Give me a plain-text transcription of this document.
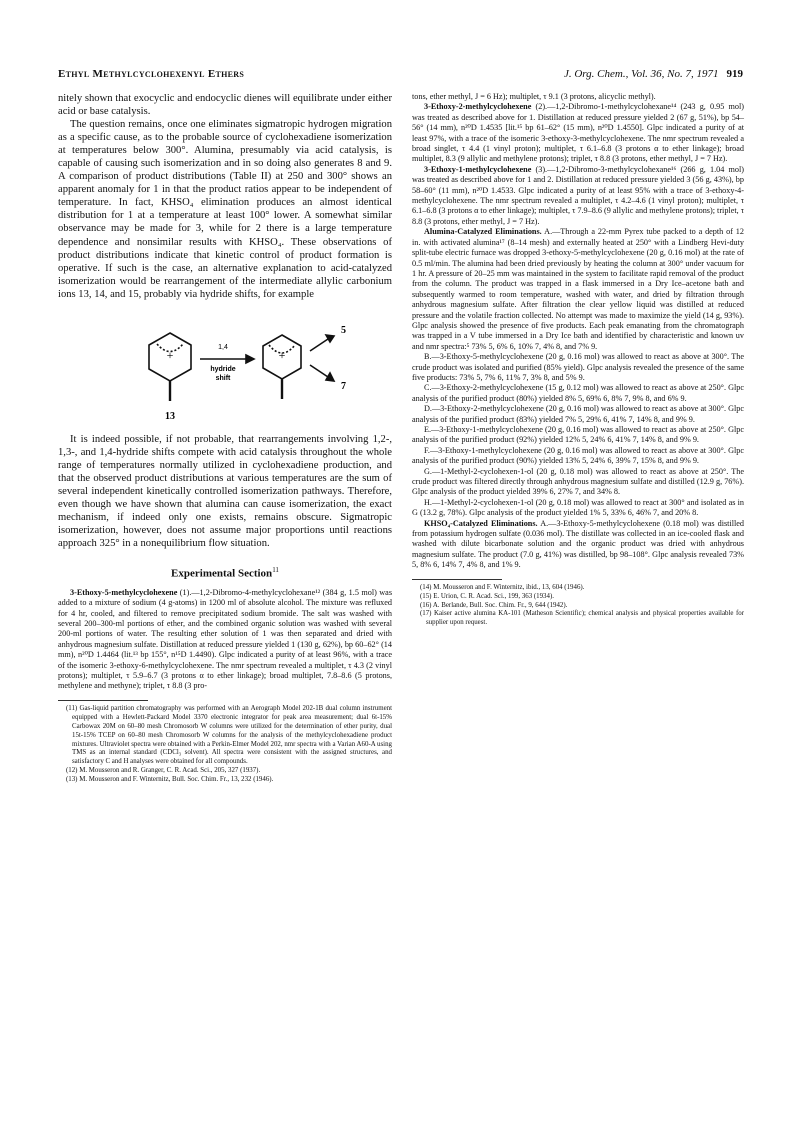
Ethyl Methylcyclohexenyl Ethers	J. Org. Chem., Vol. 36, No. 7, 1971 919

nitely shown that exocyclic and endocyclic dienes will equilibrate under either acid or base catalysis.

The question remains, once one eliminates sigmatropic hydrogen migration as a specific cause, as to the probable source of cyclohexadiene isomerization at temperatures below 300°. Alumina, presumably via acid catalysis, is capable of causing such isomerization and in so doing also generates 8 and 9. A comparison of product distributions (Table II) at 250 and 300° shows an apparent anomaly for 1 in that the product ratios appear to be independent of temperature. In fact, KHSO₄ elimination produces an almost identical distribution for 1 at a temperature at least 100° lower. A somewhat similar observance may be made for 3, while for 2 there is a large temperature dependence and nonsimilar results with KHSO₄. These observations of product distributions indicate that kinetic control of product formation is operative. If such is the case, an alternative explanation to acid-catalyzed isomerization would be rearrangement of the intermediate allylic carbonium ions 13, 14, and 15, probably via hydride shifts, for example

+	+
1,4
hydride
shift
13
5
7

It is indeed possible, if not probable, that rearrangements involving 1,2-, 1,3-, and 1,4-hydride shifts compete with acid catalysis throughout the whole range of temperatures normally utilized in cyclohexadiene production, and that the observed product distributions at various temperatures are the sum of several independent kinetically controlled isomerization pathways. Therefore, even though we have shown that alumina can cause isomerization, the exact mechanism, if indeed only one exists, remains obscure. Sigmatropic isomerization, however, does not assume major proportions until reactions approach 325° in a nonequilibrium flow situation.

Experimental Section$^{11}$

3-Ethoxy-5-methylcyclohexene (1).—1,2-Dibromo-4-methylcyclohexane¹² (384 g, 1.5 mol) was added to a mixture of sodium (4 g-atoms) in 1200 ml of absolute alcohol. The mixture was refluxed for 4 hr, cooled, and filtered to remove precipitated sodium bromide. The salt was washed with several 200–300-ml portions of ether, and the combined organic solution was washed with several 200-ml portions of water. The resulting ether solution of 1 was then separated and dried with anhydrous magnesium sulfate. Distillation at reduced pressure yielded 1 (130 g, 62%), bp 60–62° (14 mm), n²⁰D 1.4464 (lit.¹³ bp 155°, n¹⁵D 1.4490). Glpc indicated a purity of at least 96%, with a trace of the isomeric 3-ethoxy-6-methylcyclohexene. The nmr spectrum revealed a multiplet, τ 4.3 (2 vinyl protons); multiplet, τ 5.9–6.7 (3 protons α to ether linkage); broad multiplet, 7.8–8.6 (5 protons, methylene and methyne); triplet, τ 8.8 (3 pro-

(11) Gas-liquid partition chromatography was performed with an Aerograph Model 202-1B dual column instrument equipped with a Hewlett-Packard Model 3370 electronic integrator for peak area measurement; dual 6t-15% Carbowax 20M on 60–80 mesh Chromosorb W columns were utilized for the determination of ether purity, dual 15t-15% TCEP on 60–80 mesh Chromosorb W columns for the analysis of the methylcyclohexadiene product mixtures. Ultraviolet spectra were obtained with a Perkin-Elmer Model 202, nmr spectra with a Varian A60-A using TMS as an internal standard (CDCl₃ solvent). All spectra were consistent with the assigned structures, and satisfactory C and H analyses were obtained for all compounds.

(12) M. Mousseron and R. Granger, C. R. Acad. Sci., 205, 327 (1937).

(13) M. Mousseron and F. Winternitz, Bull. Soc. Chim. Fr., 13, 232 (1946).

tons, ether methyl, J = 6 Hz); multiplet, τ 9.1 (3 protons, alicyclic methyl).

3-Ethoxy-2-methylcyclohexene (2).—1,2-Dibromo-1-methylcyclohexane¹⁴ (243 g, 0.95 mol) was treated as described above for 1. Distillation at reduced pressure yielded 2 (67 g, 51%), bp 54–56° (14 mm), n²⁰D 1.4535 [lit.¹⁵ bp 61–62° (15 mm), n²⁰D 1.4550]. Glpc indicated a purity of at least 97%, with a trace of the isomeric 3-ethoxy-3-methylcyclohexene. The nmr spectrum revealed a broad singlet, τ 4.4 (1 vinyl proton); multiplet, τ 6.1–6.8 (3 protons α to ether linkage); broad multiplet, 8.3 (9 allylic and methylene protons); triplet, τ 8.8 (3 protons, ether methyl, J = 7 Hz).

3-Ethoxy-1-methylcyclohexene (3).—1,2-Dibromo-3-methylcyclohexane¹⁶ (266 g, 1.04 mol) was treated as described above for 1 and 2. Distillation at reduced pressure yielded 3 (56 g, 43%), bp 58–60° (11 mm), n²⁰D 1.4533. Glpc indicated a purity of at least 95% with a trace of 3-ethoxy-4-methylcyclohexene. The nmr spectrum revealed a multiplet, τ 4.2–4.6 (1 vinyl proton); multiplet, τ 6.1–6.8 (3 protons α to ether linkage); multiplet, τ 7.9–8.6 (9 allylic and methylene protons); triplet, τ 8.8 (3 protons, ether methyl, J = 7 Hz).

Alumina-Catalyzed Eliminations. A.—Through a 22-mm Pyrex tube packed to a depth of 12 in. with activated alumina¹⁷ (8–14 mesh) and externally heated at 250° with a Lindberg Hevi-duty split-tube electric furnace was dropped 3-ethoxy-5-methylcyclohexene (20 g, 0.16 mol) at the rate of 0.5 ml/min. The alumina had been dried previously by heating the column at 300° under vacuum for 1 hr. A pressure of 20–25 mm was maintained in the system to facilitate rapid removal of the product from the column. The product was trapped in a flask immersed in a Dry Ice–acetone bath and subsequently warmed to room temperature, washed with water, and dried by filtration through anhydrous magnesium sulfate. After filtration the clear yellow liquid was distilled at reduced pressure and the volatile fraction collected. No attempt was made to maximize the yield (14 g, 93%). Glpc analysis showed the presence of five products. Each peak emanating from the chromatograph was trapped in a V tube immersed in a Dry Ice bath and identified by characteristic and known uv and nmr spectra:⁵ 73% 5, 6% 6, 10% 7, 4% 8, and 7% 9.

B.—3-Ethoxy-5-methylcyclohexene (20 g, 0.16 mol) was allowed to react as above at 300°. The crude product was isolated and purified (85% yield). Glpc analysis revealed the presence of the same five products: 73% 5, 7% 6, 11% 7, 3% 8, and 5% 9.

C.—3-Ethoxy-2-methylcyclohexene (15 g, 0.12 mol) was allowed to react as above at 250°. Glpc analysis of the purified product (80%) yielded 8% 5, 69% 6, 8% 7, 9% 8, and 6% 9.

D.—3-Ethoxy-2-methylcyclohexene (20 g, 0.16 mol) was allowed to react as above at 300°. Glpc analysis of the purified product (83%) yielded 7% 5, 29% 6, 41% 7, 14% 8, and 9% 9.

E.—3-Ethoxy-1-methylcyclohexene (20 g, 0.16 mol) was allowed to react as above at 250°. Glpc analysis of the purified product (92%) yielded 12% 5, 24% 6, 41% 7, 14% 8, and 9% 9.

F.—3-Ethoxy-1-methylcyclohexene (20 g, 0.16 mol) was allowed to react as above at 300°. Glpc analysis of the purified product (90%) yielded 13% 5, 24% 6, 39% 7, 15% 8, and 9% 9.

G.—1-Methyl-2-cyclohexen-1-ol (20 g, 0.18 mol) was allowed to react as above at 250°. The crude product was filtered directly through anhydrous magnesium sulfate and distilled (12.9 g, 76%). Glpc analysis of the product yielded 39% 6, 27% 7, and 34% 8.

H.—1-Methyl-2-cyclohexen-1-ol (20 g, 0.18 mol) was allowed to react at 300° and isolated as in G (13.2 g, 78%). Glpc analysis of the product yielded 1% 5, 33% 6, 46% 7, and 20% 8.

KHSO₄-Catalyzed Eliminations. A.—3-Ethoxy-5-methylcyclohexene (0.18 mol) was distilled from potassium hydrogen sulfate (0.036 mol). The distillate was collected in an ice-cooled flask and washed with dilute bicarbonate solution and the organic product was dried with anhydrous magnesium sulfate. The product (7.0 g, 41%) was distilled, bp 98–108°. Glpc analysis revealed 73% 5, 8% 6, 14% 7, 4% 8, and 1% 9.

(14) M. Mousseron and F. Winternitz, ibid., 13, 604 (1946).

(15) E. Urion, C. R. Acad. Sci., 199, 363 (1934).

(16) A. Berlande, Bull. Soc. Chim. Fr., 9, 644 (1942).

(17) Kaiser active alumina KA-101 (Matheson Scientific); chemical analysis and physical properties available for supplier upon request.
